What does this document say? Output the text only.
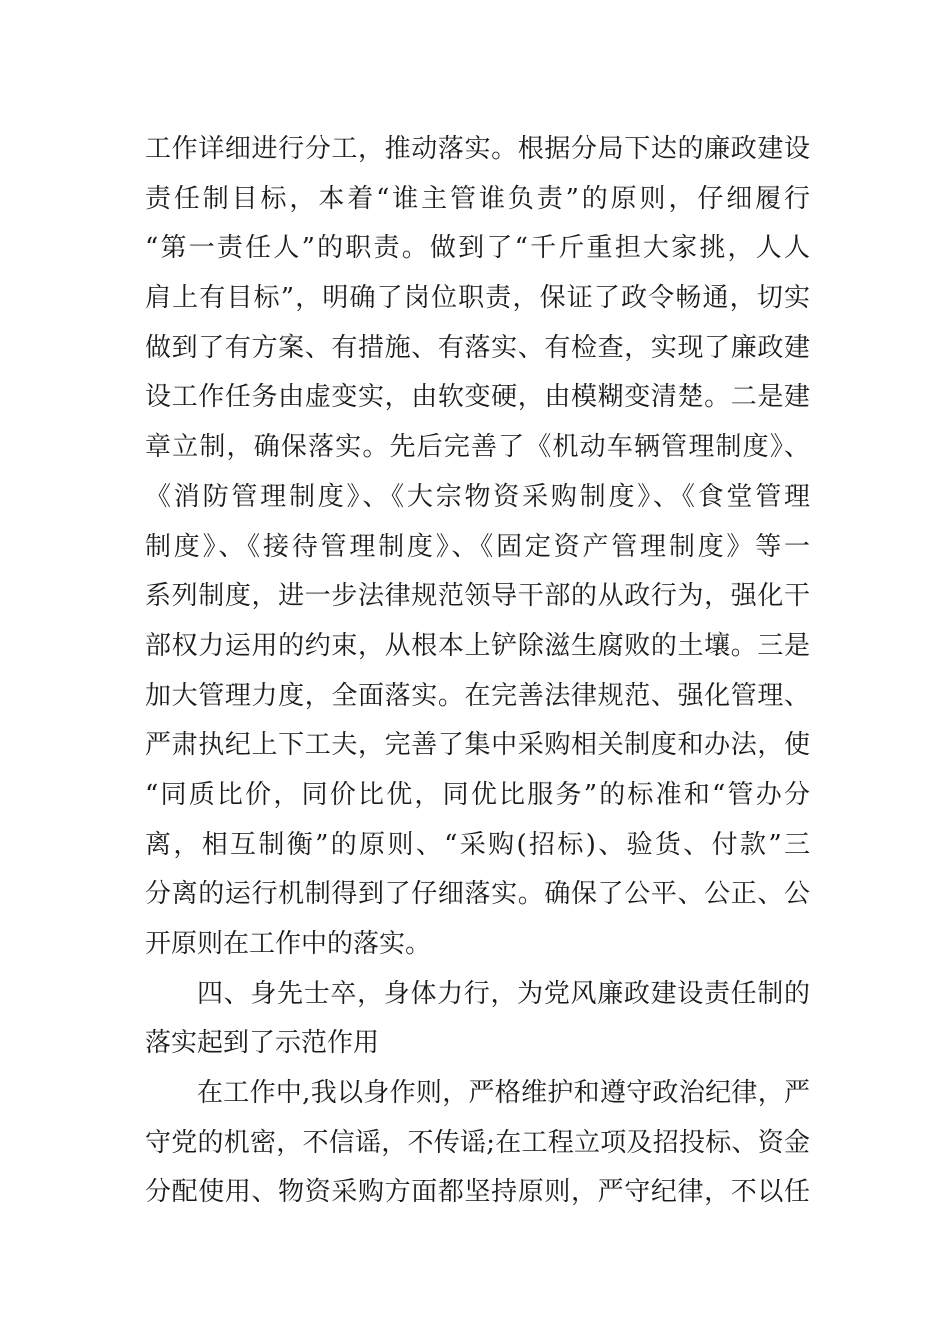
工作详细进行分工，推动落实。根据分局下达的廉政建设
责任制目标，本着“谁主管谁负责”的原则，仔细履行
“第一责任人”的职责。做到了“千斤重担大家挑，人人
肩上有目标”，明确了岗位职责，保证了政令畅通，切实
做到了有方案、有措施、有落实、有检查，实现了廉政建
设工作任务由虚变实，由软变硬，由模糊变清楚。二是建
章立制，确保落实。先后完善了《机动车辆管理制度》、
《消防管理制度》、《大宗物资采购制度》、《食堂管理
制度》、《接待管理制度》、《固定资产管理制度》等一
系列制度，进一步法律规范领导干部的从政行为，强化干
部权力运用的约束，从根本上铲除滋生腐败的土壤。三是
加大管理力度，全面落实。在完善法律规范、强化管理、
严肃执纪上下工夫，完善了集中采购相关制度和办法，使
“同质比价，同价比优，同优比服务”的标准和“管办分
离，相互制衡”的原则、“采购(招标)、验货、付款”三
分离的运行机制得到了仔细落实。确保了公平、公正、公
开原则在工作中的落实。
四、身先士卒，身体力行，为党风廉政建设责任制的
落实起到了示范作用
在工作中,我以身作则，严格维护和遵守政治纪律，严
守党的机密，不信谣，不传谣;在工程立项及招投标、资金
分配使用、物资采购方面都坚持原则，严守纪律，不以任
